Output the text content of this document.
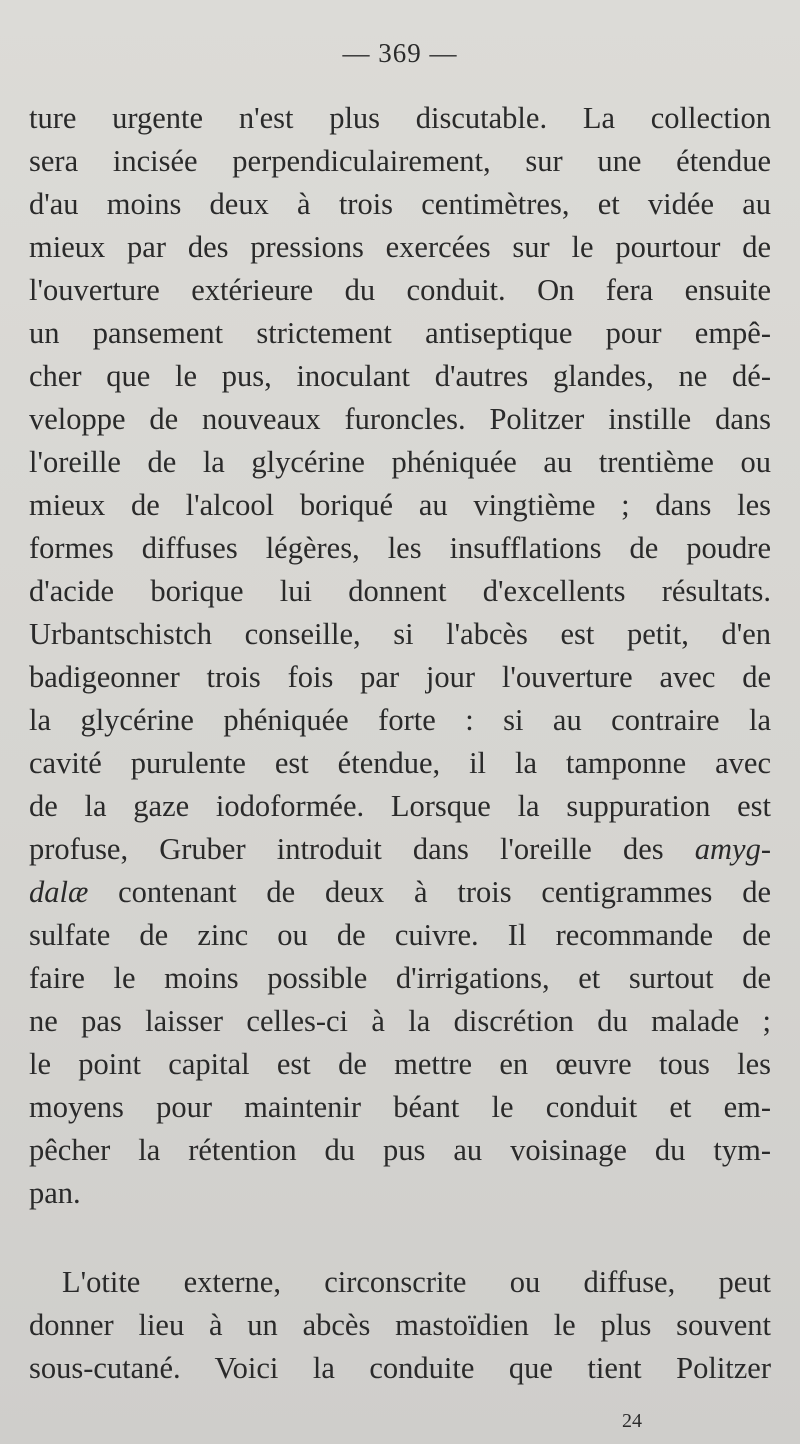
— 369 —
ture urgente n'est plus discutable. La collection
sera incisée perpendiculairement, sur une étendue
d'au moins deux à trois centimètres, et vidée au
mieux par des pressions exercées sur le pourtour de
l'ouverture extérieure du conduit. On fera ensuite
un pansement strictement antiseptique pour empê-
cher que le pus, inoculant d'autres glandes, ne dé-
veloppe de nouveaux furoncles. Politzer instille dans
l'oreille de la glycérine phéniquée au trentième ou
mieux de l'alcool boriqué au vingtième ; dans les
formes diffuses légères, les insufflations de poudre
d'acide borique lui donnent d'excellents résultats.
Urbantschistch conseille, si l'abcès est petit, d'en
badigeonner trois fois par jour l'ouverture avec de
la glycérine phéniquée forte : si au contraire la
cavité purulente est étendue, il la tamponne avec
de la gaze iodoformée. Lorsque la suppuration est
profuse, Gruber introduit dans l'oreille des amyg-
dalæ contenant de deux à trois centigrammes de
sulfate de zinc ou de cuivre. Il recommande de
faire le moins possible d'irrigations, et surtout de
ne pas laisser celles-ci à la discrétion du malade ;
le point capital est de mettre en œuvre tous les
moyens pour maintenir béant le conduit et em-
pêcher la rétention du pus au voisinage du tym-
pan.
L'otite externe, circonscrite ou diffuse, peut
donner lieu à un abcès mastoïdien le plus souvent
sous-cutané. Voici la conduite que tient Politzer
24
